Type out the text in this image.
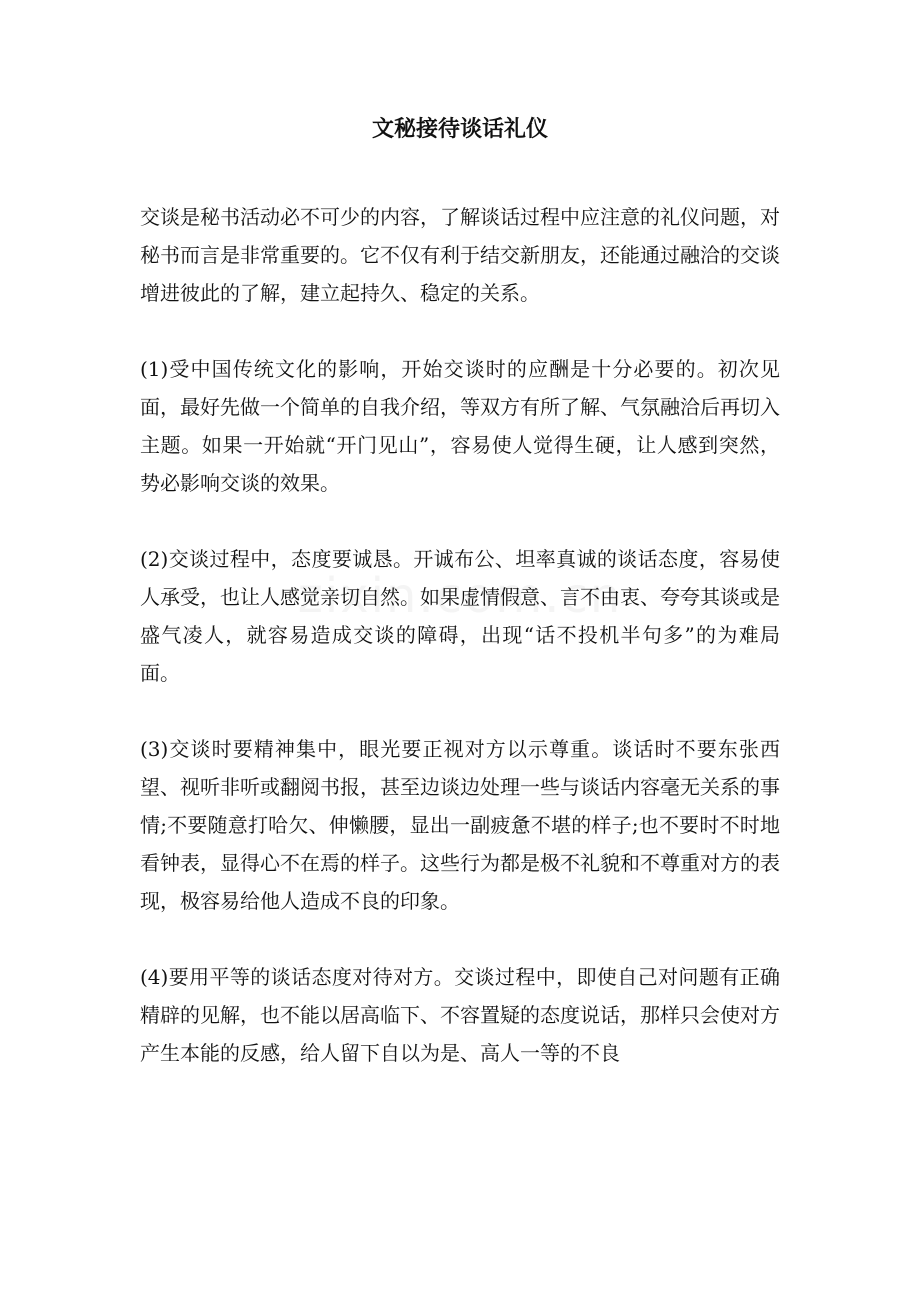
文秘接待谈话礼仪

交谈是秘书活动必不可少的内容，了解谈话过程中应注意的礼仪问题，对秘书而言是非常重要的。它不仅有利于结交新朋友，还能通过融洽的交谈增进彼此的了解，建立起持久、稳定的关系。

(1)受中国传统文化的影响，开始交谈时的应酬是十分必要的。初次见面，最好先做一个简单的自我介绍，等双方有所了解、气氛融洽后再切入主题。如果一开始就“开门见山”，容易使人觉得生硬，让人感到突然，势必影响交谈的效果。

(2)交谈过程中，态度要诚恳。开诚布公、坦率真诚的谈话态度，容易使人承受，也让人感觉亲切自然。如果虚情假意、言不由衷、夸夸其谈或是盛气凌人，就容易造成交谈的障碍，出现“话不投机半句多”的为难局面。

(3)交谈时要精神集中，眼光要正视对方以示尊重。谈话时不要东张西望、视听非听或翻阅书报，甚至边谈边处理一些与谈话内容毫无关系的事情;不要随意打哈欠、伸懒腰，显出一副疲惫不堪的样子;也不要时不时地看钟表，显得心不在焉的样子。这些行为都是极不礼貌和不尊重对方的表现，极容易给他人造成不良的印象。

(4)要用平等的谈话态度对待对方。交谈过程中，即使自己对问题有正确精辟的见解，也不能以居高临下、不容置疑的态度说话，那样只会使对方产生本能的反感，给人留下自以为是、高人一等的不良
